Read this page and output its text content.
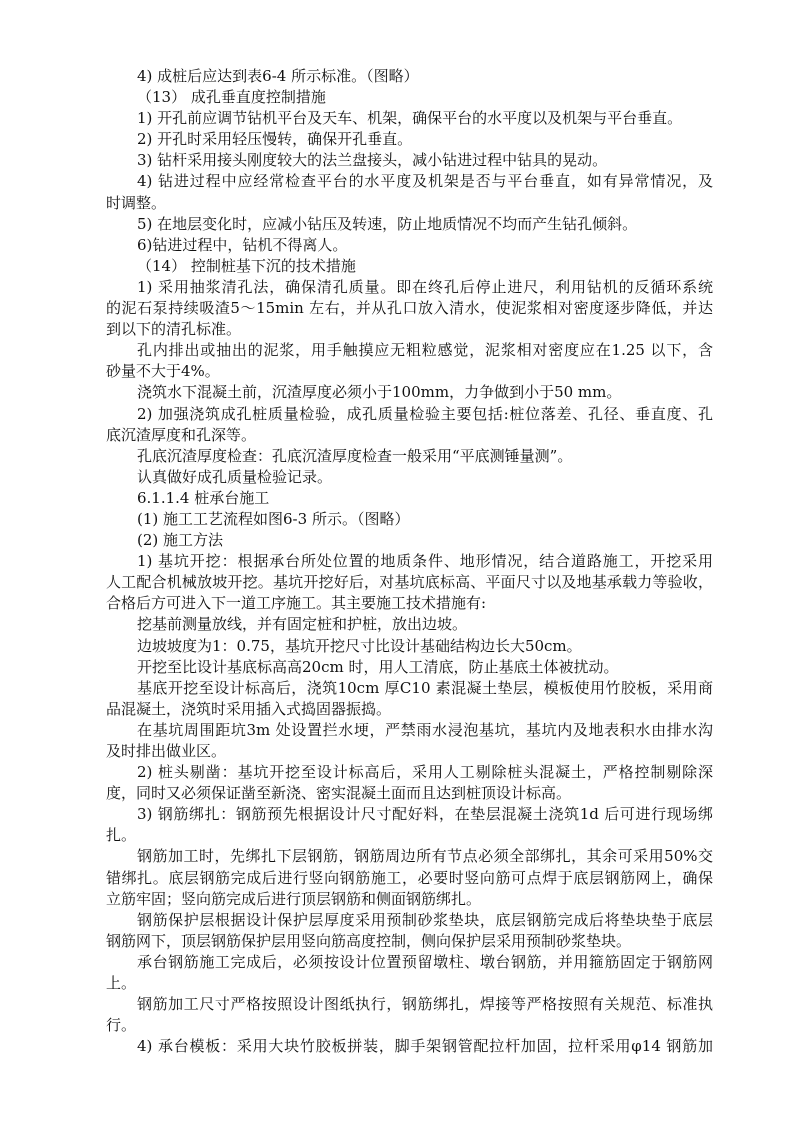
4) 成桩后应达到表6-4 所示标准。（图略）
（13） 成孔垂直度控制措施
1) 开孔前应调节钻机平台及天车、机架，确保平台的水平度以及机架与平台垂直。
2) 开孔时采用轻压慢转，确保开孔垂直。
3) 钻杆采用接头刚度较大的法兰盘接头，减小钻进过程中钻具的晃动。
4) 钻进过程中应经常检查平台的水平度及机架是否与平台垂直，如有异常情况，及
时调整。
5) 在地层变化时，应减小钻压及转速，防止地质情况不均而产生钻孔倾斜。
6)钻进过程中，钻机不得离人。
（14） 控制桩基下沉的技术措施
1) 采用抽浆清孔法，确保清孔质量。即在终孔后停止进尺，利用钻机的反循环系统
的泥石泵持续吸渣5～15min 左右，并从孔口放入清水，使泥浆相对密度逐步降低，并达
到以下的清孔标准。
孔内排出或抽出的泥浆，用手触摸应无粗粒感觉，泥浆相对密度应在1.25 以下，含
砂量不大于4%。
浇筑水下混凝土前，沉渣厚度必须小于100mm，力争做到小于50 mm。
2) 加强浇筑成孔桩质量检验，成孔质量检验主要包括:桩位落差、孔径、垂直度、孔
底沉渣厚度和孔深等。
孔底沉渣厚度检查：孔底沉渣厚度检查一般采用“平底测锤量测”。
认真做好成孔质量检验记录。
6.1.1.4 桩承台施工
(1) 施工工艺流程如图6-3 所示。（图略）
(2) 施工方法
1) 基坑开挖：根据承台所处位置的地质条件、地形情况，结合道路施工，开挖采用
人工配合机械放坡开挖。基坑开挖好后，对基坑底标高、平面尺寸以及地基承载力等验收，
合格后方可进入下一道工序施工。其主要施工技术措施有:
挖基前测量放线，并有固定桩和护桩，放出边坡。
边坡坡度为1：0.75，基坑开挖尺寸比设计基础结构边长大50cm。
开挖至比设计基底标高高20cm 时，用人工清底，防止基底土体被扰动。
基底开挖至设计标高后，浇筑10cm 厚C10 素混凝土垫层，模板使用竹胶板，采用商
品混凝土，浇筑时采用插入式捣固器振捣。
在基坑周围距坑3m 处设置拦水埂，严禁雨水浸泡基坑，基坑内及地表积水由排水沟
及时排出做业区。
2) 桩头剔凿：基坑开挖至设计标高后，采用人工剔除桩头混凝土，严格控制剔除深
度，同时又必须保证凿至新浇、密实混凝土面而且达到桩顶设计标高。
3) 钢筋绑扎：钢筋预先根据设计尺寸配好料，在垫层混凝土浇筑1d 后可进行现场绑
扎。
钢筋加工时，先绑扎下层钢筋，钢筋周边所有节点必须全部绑扎，其余可采用50%交
错绑扎。底层钢筋完成后进行竖向钢筋施工，必要时竖向筋可点焊于底层钢筋网上，确保
立筋牢固；竖向筋完成后进行顶层钢筋和侧面钢筋绑扎。
钢筋保护层根据设计保护层厚度采用预制砂浆垫块，底层钢筋完成后将垫块垫于底层
钢筋网下，顶层钢筋保护层用竖向筋高度控制，侧向保护层采用预制砂浆垫块。
承台钢筋施工完成后，必须按设计位置预留墩柱、墩台钢筋，并用箍筋固定于钢筋网
上。
钢筋加工尺寸严格按照设计图纸执行，钢筋绑扎，焊接等严格按照有关规范、标准执
行。
4) 承台模板：采用大块竹胶板拼装，脚手架钢管配拉杆加固，拉杆采用φ14 钢筋加
